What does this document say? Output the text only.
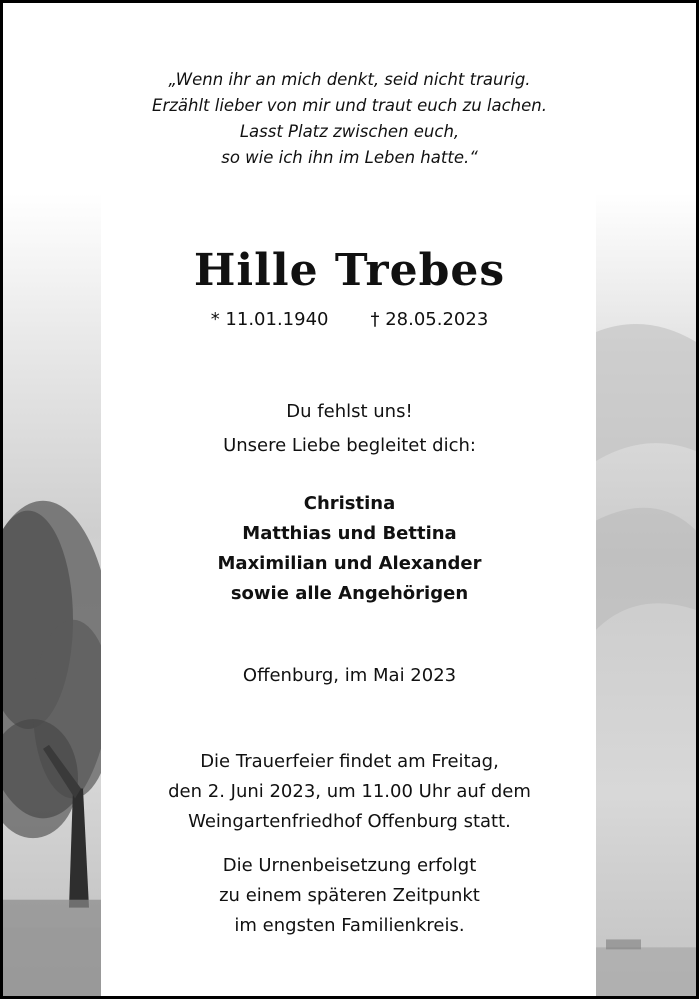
„Wenn ihr an mich denkt, seid nicht traurig.
Erzählt lieber von mir und traut euch zu lachen.
Lasst Platz zwischen euch,
so wie ich ihn im Leben hatte.“
Hille Trebes
* 11.01.1940 † 28.05.2023
Du fehlst uns!
Unsere Liebe begleitet dich:
Christina
Matthias und Bettina
Maximilian und Alexander
sowie alle Angehörigen
Offenburg, im Mai 2023
Die Trauerfeier findet am Freitag,
den 2. Juni 2023, um 11.00 Uhr auf dem
Weingartenfriedhof Offenburg statt.
Die Urnenbeisetzung erfolgt
zu einem späteren Zeitpunkt
im engsten Familienkreis.
